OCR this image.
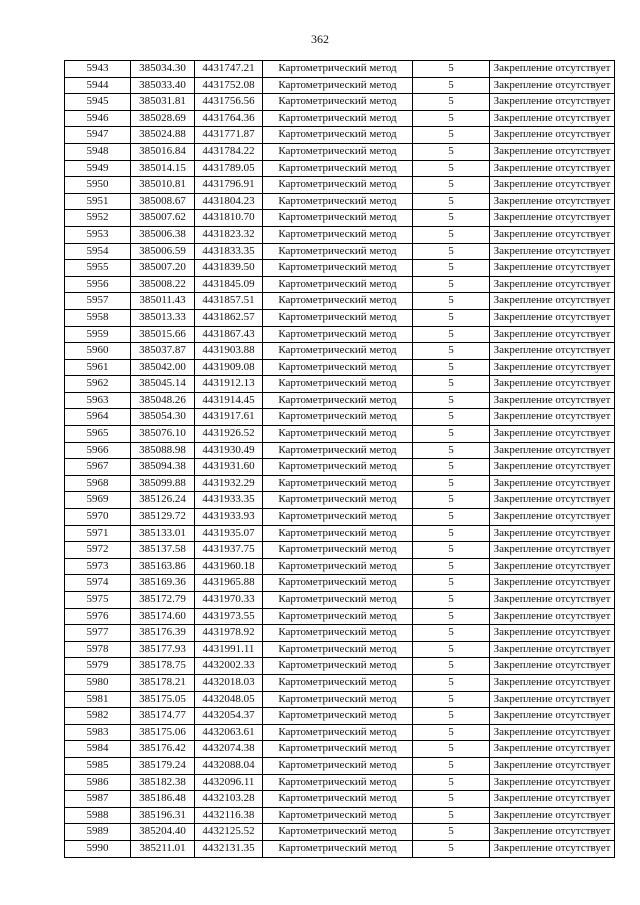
362
5943	385034.30	4431747.21	Картометрический метод	5	Закрепление отсутствует
5944	385033.40	4431752.08	Картометрический метод	5	Закрепление отсутствует
5945	385031.81	4431756.56	Картометрический метод	5	Закрепление отсутствует
5946	385028.69	4431764.36	Картометрический метод	5	Закрепление отсутствует
5947	385024.88	4431771.87	Картометрический метод	5	Закрепление отсутствует
5948	385016.84	4431784.22	Картометрический метод	5	Закрепление отсутствует
5949	385014.15	4431789.05	Картометрический метод	5	Закрепление отсутствует
5950	385010.81	4431796.91	Картометрический метод	5	Закрепление отсутствует
5951	385008.67	4431804.23	Картометрический метод	5	Закрепление отсутствует
5952	385007.62	4431810.70	Картометрический метод	5	Закрепление отсутствует
5953	385006.38	4431823.32	Картометрический метод	5	Закрепление отсутствует
5954	385006.59	4431833.35	Картометрический метод	5	Закрепление отсутствует
5955	385007.20	4431839.50	Картометрический метод	5	Закрепление отсутствует
5956	385008.22	4431845.09	Картометрический метод	5	Закрепление отсутствует
5957	385011.43	4431857.51	Картометрический метод	5	Закрепление отсутствует
5958	385013.33	4431862.57	Картометрический метод	5	Закрепление отсутствует
5959	385015.66	4431867.43	Картометрический метод	5	Закрепление отсутствует
5960	385037.87	4431903.88	Картометрический метод	5	Закрепление отсутствует
5961	385042.00	4431909.08	Картометрический метод	5	Закрепление отсутствует
5962	385045.14	4431912.13	Картометрический метод	5	Закрепление отсутствует
5963	385048.26	4431914.45	Картометрический метод	5	Закрепление отсутствует
5964	385054.30	4431917.61	Картометрический метод	5	Закрепление отсутствует
5965	385076.10	4431926.52	Картометрический метод	5	Закрепление отсутствует
5966	385088.98	4431930.49	Картометрический метод	5	Закрепление отсутствует
5967	385094.38	4431931.60	Картометрический метод	5	Закрепление отсутствует
5968	385099.88	4431932.29	Картометрический метод	5	Закрепление отсутствует
5969	385126.24	4431933.35	Картометрический метод	5	Закрепление отсутствует
5970	385129.72	4431933.93	Картометрический метод	5	Закрепление отсутствует
5971	385133.01	4431935.07	Картометрический метод	5	Закрепление отсутствует
5972	385137.58	4431937.75	Картометрический метод	5	Закрепление отсутствует
5973	385163.86	4431960.18	Картометрический метод	5	Закрепление отсутствует
5974	385169.36	4431965.88	Картометрический метод	5	Закрепление отсутствует
5975	385172.79	4431970.33	Картометрический метод	5	Закрепление отсутствует
5976	385174.60	4431973.55	Картометрический метод	5	Закрепление отсутствует
5977	385176.39	4431978.92	Картометрический метод	5	Закрепление отсутствует
5978	385177.93	4431991.11	Картометрический метод	5	Закрепление отсутствует
5979	385178.75	4432002.33	Картометрический метод	5	Закрепление отсутствует
5980	385178.21	4432018.03	Картометрический метод	5	Закрепление отсутствует
5981	385175.05	4432048.05	Картометрический метод	5	Закрепление отсутствует
5982	385174.77	4432054.37	Картометрический метод	5	Закрепление отсутствует
5983	385175.06	4432063.61	Картометрический метод	5	Закрепление отсутствует
5984	385176.42	4432074.38	Картометрический метод	5	Закрепление отсутствует
5985	385179.24	4432088.04	Картометрический метод	5	Закрепление отсутствует
5986	385182.38	4432096.11	Картометрический метод	5	Закрепление отсутствует
5987	385186.48	4432103.28	Картометрический метод	5	Закрепление отсутствует
5988	385196.31	4432116.38	Картометрический метод	5	Закрепление отсутствует
5989	385204.40	4432125.52	Картометрический метод	5	Закрепление отсутствует
5990	385211.01	4432131.35	Картометрический метод	5	Закрепление отсутствует
